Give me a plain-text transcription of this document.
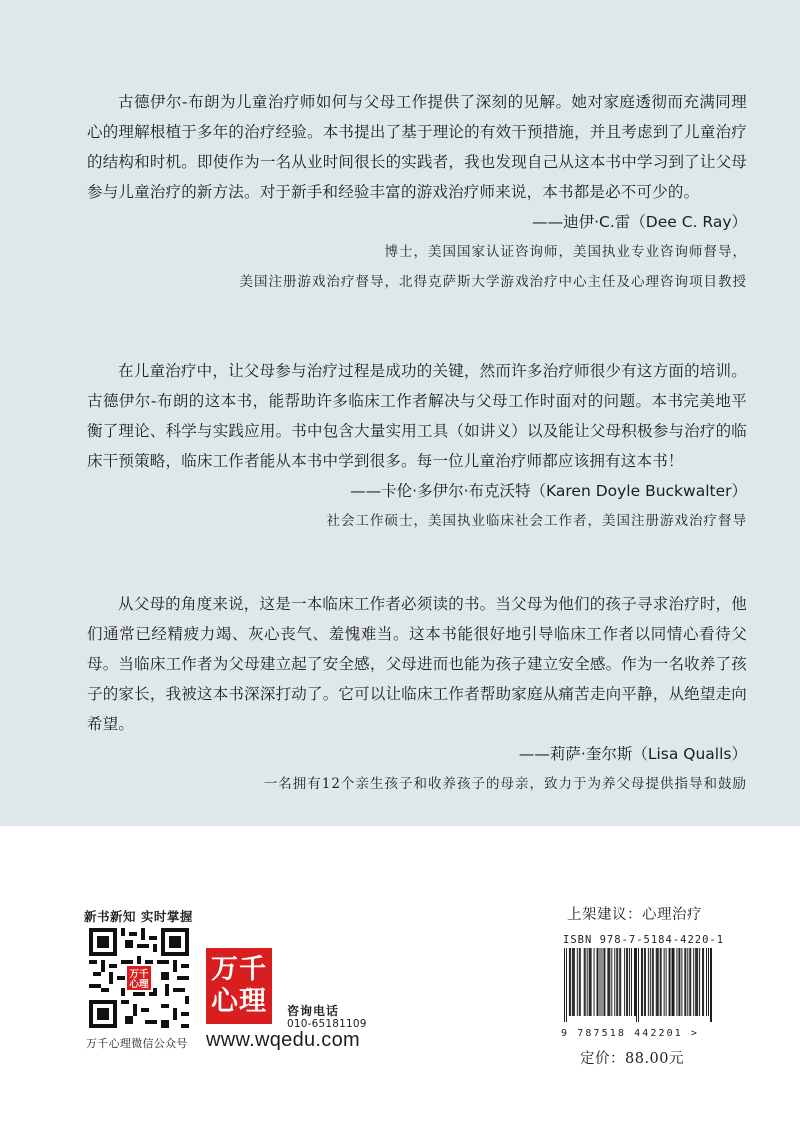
古德伊尔-布朗为儿童治疗师如何与父母工作提供了深刻的见解。她对家庭透彻而充满同理心的理解根植于多年的治疗经验。本书提出了基于理论的有效干预措施，并且考虑到了儿童治疗的结构和时机。即使作为一名从业时间很长的实践者，我也发现自己从这本书中学习到了让父母参与儿童治疗的新方法。对于新手和经验丰富的游戏治疗师来说，本书都是必不可少的。

——迪伊·C.雷（Dee C. Ray）
博士，美国国家认证咨询师，美国执业专业咨询师督导，
美国注册游戏治疗督导，北得克萨斯大学游戏治疗中心主任及心理咨询项目教授

在儿童治疗中，让父母参与治疗过程是成功的关键，然而许多治疗师很少有这方面的培训。古德伊尔-布朗的这本书，能帮助许多临床工作者解决与父母工作时面对的问题。本书完美地平衡了理论、科学与实践应用。书中包含大量实用工具（如讲义）以及能让父母积极参与治疗的临床干预策略，临床工作者能从本书中学到很多。每一位儿童治疗师都应该拥有这本书！

——卡伦·多伊尔·布克沃特（Karen Doyle Buckwalter）
社会工作硕士，美国执业临床社会工作者，美国注册游戏治疗督导

从父母的角度来说，这是一本临床工作者必须读的书。当父母为他们的孩子寻求治疗时，他们通常已经精疲力竭、灰心丧气、羞愧难当。这本书能很好地引导临床工作者以同情心看待父母。当临床工作者为父母建立起了安全感，父母进而也能为孩子建立安全感。作为一名收养了孩子的家长，我被这本书深深打动了。它可以让临床工作者帮助家庭从痛苦走向平静，从绝望走向希望。

——莉萨·奎尔斯（Lisa Qualls）
一名拥有12个亲生孩子和收养孩子的母亲，致力于为养父母提供指导和鼓励
新书新知 实时掌握
万千
心理
万千心理微信公众号
万千
心理 咨询电话
010-65181109
www.wqedu.com
上架建议：心理治疗
ISBN 978-7-5184-4220-1
9 787518 442201 >
定价：88.00元
